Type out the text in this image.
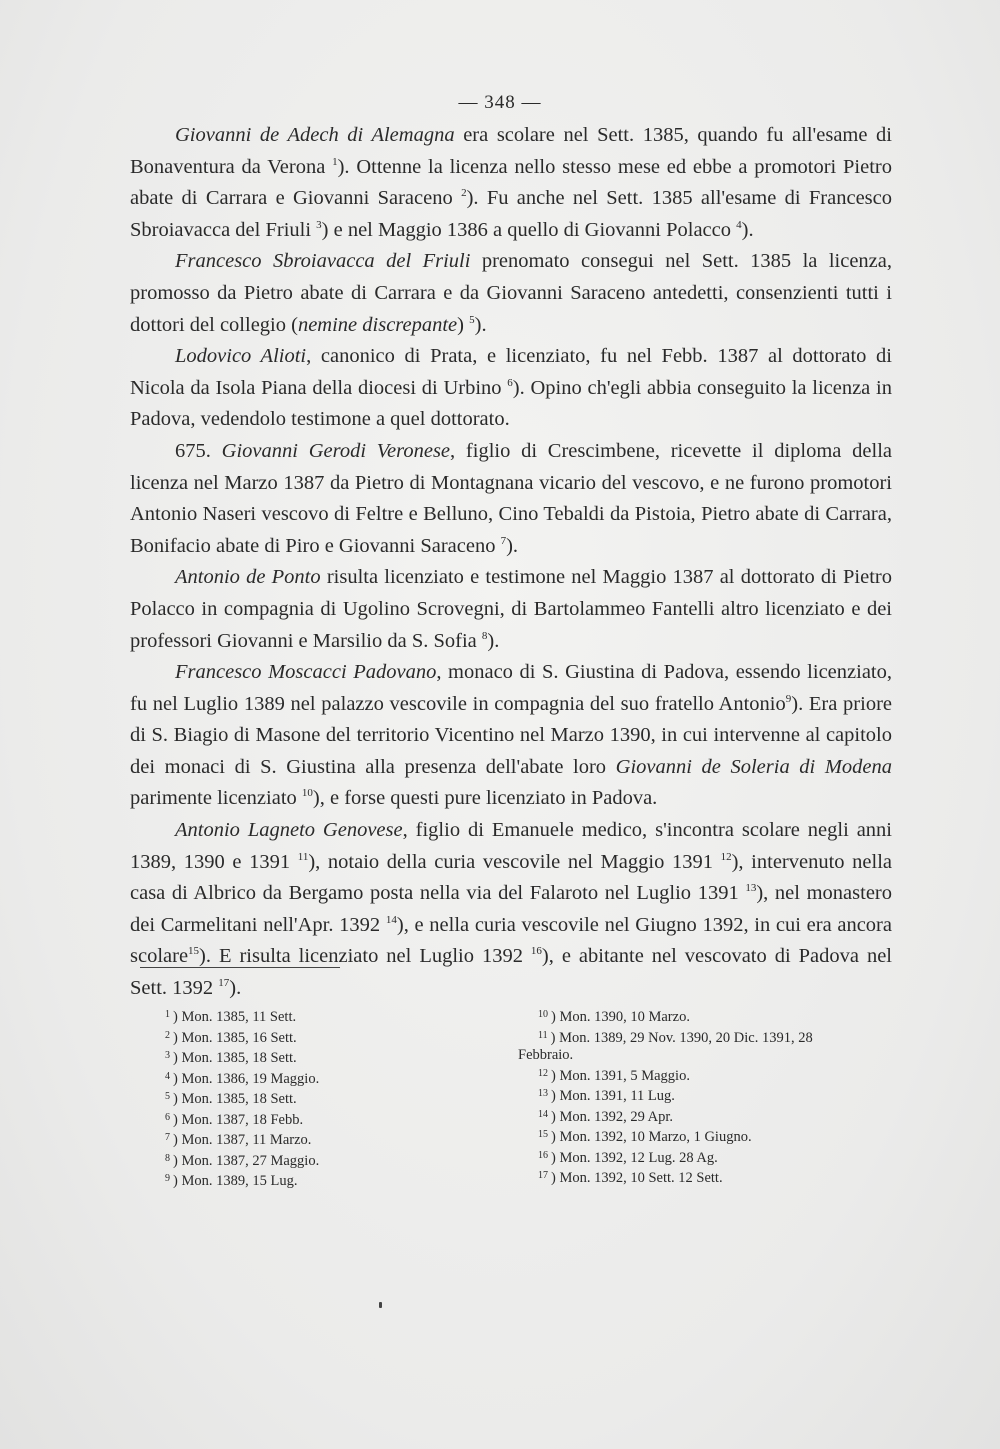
— 348 —

Giovanni de Adech di Alemagna era scolare nel Sett. 1385, quando fu all'esame di Bonaventura da Verona $^1$). Ottenne la licenza nello stesso mese ed ebbe a promotori Pietro abate di Carrara e Giovanni Saraceno $^2$). Fu anche nel Sett. 1385 all'esame di Francesco Sbroiavacca del Friuli $^3$) e nel Maggio 1386 a quello di Giovanni Polacco $^4$).

Francesco Sbroiavacca del Friuli prenomato consegui nel Sett. 1385 la licenza, promosso da Pietro abate di Carrara e da Giovanni Saraceno antedetti, consenzienti tutti i dottori del collegio (nemine discrepante) $^5$).

Lodovico Alioti, canonico di Prata, e licenziato, fu nel Febb. 1387 al dottorato di Nicola da Isola Piana della diocesi di Urbino $^6$). Opino ch'egli abbia conseguito la licenza in Padova, vedendolo testimone a quel dottorato.

675. Giovanni Gerodi Veronese, figlio di Crescimbene, ricevette il diploma della licenza nel Marzo 1387 da Pietro di Montagnana vicario del vescovo, e ne furono promotori Antonio Naseri vescovo di Feltre e Belluno, Cino Tebaldi da Pistoia, Pietro abate di Carrara, Bonifacio abate di Piro e Giovanni Saraceno $^7$).

Antonio de Ponto risulta licenziato e testimone nel Maggio 1387 al dottorato di Pietro Polacco in compagnia di Ugolino Scrovegni, di Bartolammeo Fantelli altro licenziato e dei professori Giovanni e Marsilio da S. Sofia $^8$).

Francesco Moscacci Padovano, monaco di S. Giustina di Padova, essendo licenziato, fu nel Luglio 1389 nel palazzo vescovile in compagnia del suo fratello Antonio$^9$). Era priore di S. Biagio di Masone del territorio Vicentino nel Marzo 1390, in cui intervenne al capitolo dei monaci di S. Giustina alla presenza dell'abate loro Giovanni de Soleria di Modena parimente licenziato $^{10}$), e forse questi pure licenziato in Padova.

Antonio Lagneto Genovese, figlio di Emanuele medico, s'incontra scolare negli anni 1389, 1390 e 1391 $^{11}$), notaio della curia vescovile nel Maggio 1391 $^{12}$), intervenuto nella casa di Albrico da Bergamo posta nella via del Falaroto nel Luglio 1391 $^{13}$), nel monastero dei Carmelitani nell'Apr. 1392 $^{14}$), e nella curia vescovile nel Giugno 1392, in cui era ancora scolare$^{15}$). E risulta licenziato nel Luglio 1392 $^{16}$), e abitante nel vescovato di Padova nel Sett. 1392 $^{17}$).

$^1$ ) Mon. 1385, 11 Sett.
$^2$ ) Mon. 1385, 16 Sett.
$^3$ ) Mon. 1385, 18 Sett.
$^4$ ) Mon. 1386, 19 Maggio.
$^5$ ) Mon. 1385, 18 Sett.
$^6$ ) Mon. 1387, 18 Febb.
$^7$ ) Mon. 1387, 11 Marzo.
$^8$ ) Mon. 1387, 27 Maggio.
$^9$ ) Mon. 1389, 15 Lug.
$^{10}$ ) Mon. 1390, 10 Marzo.
$^{11}$ ) Mon. 1389, 29 Nov. 1390, 20 Dic. 1391, 28
Febbraio.
$^{12}$ ) Mon. 1391, 5 Maggio.
$^{13}$ ) Mon. 1391, 11 Lug.
$^{14}$ ) Mon. 1392, 29 Apr.
$^{15}$ ) Mon. 1392, 10 Marzo, 1 Giugno.
$^{16}$ ) Mon. 1392, 12 Lug. 28 Ag.
$^{17}$ ) Mon. 1392, 10 Sett. 12 Sett.
